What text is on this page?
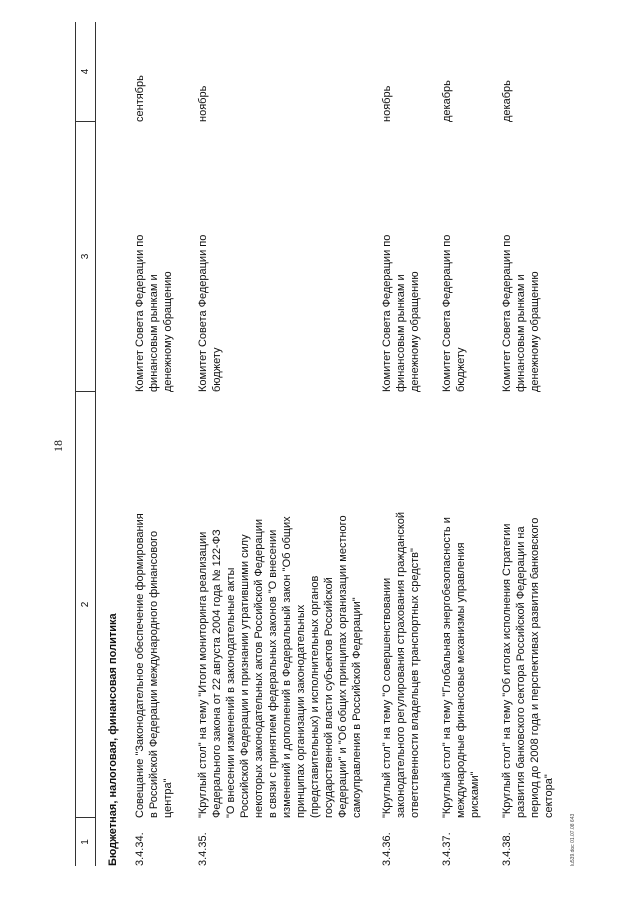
18
1
2
3
4
Бюджетная, налоговая, финансовая политика 3.4.34.
Совещание "Законодательное обеспечение формирования
в Российской Федерации международного финансового
центра"
Комитет Совета Федерации по
финансовым рынкам и
денежному обращению
сентябрь
3.4.35.
"Круглый стол" на тему "Итоги мониторинга реализации
Федерального закона от 22 августа 2004 года № 122-ФЗ
"О внесении изменений в законодательные акты
Российской Федерации и признании утратившими силу
некоторых законодательных актов Российской Федерации
в связи с принятием федеральных законов "О внесении
изменений и дополнений в Федеральный закон "Об общих
принципах организации законодательных
(представительных) и исполнительных органов
государственной власти субъектов Российской
Федерации" и "Об общих принципах организации местного
самоуправления в Российской Федерации"
Комитет Совета Федерации по
бюджету
ноябрь
3.4.36.
"Круглый стол" на тему "О совершенствовании
законодательного регулирования страхования гражданской
ответственности владельцев транспортных средств"
Комитет Совета Федерации по
финансовым рынкам и
денежному обращению
ноябрь
3.4.37.
"Круглый стол" на тему "Глобальная энергобезопасность и
международные финансовые механизмы управления
рисками"
Комитет Совета Федерации по
бюджету
декабрь
3.4.38.
"Круглый стол" на тему "Об итогах исполнения Стратегии
развития банковского сектора Российской Федерации на
период до 2008 года и перспективах развития банковского
сектора"
Комитет Совета Федерации по
финансовым рынкам и
денежному обращению
декабрь
lu539.doc 01.07.08 643
